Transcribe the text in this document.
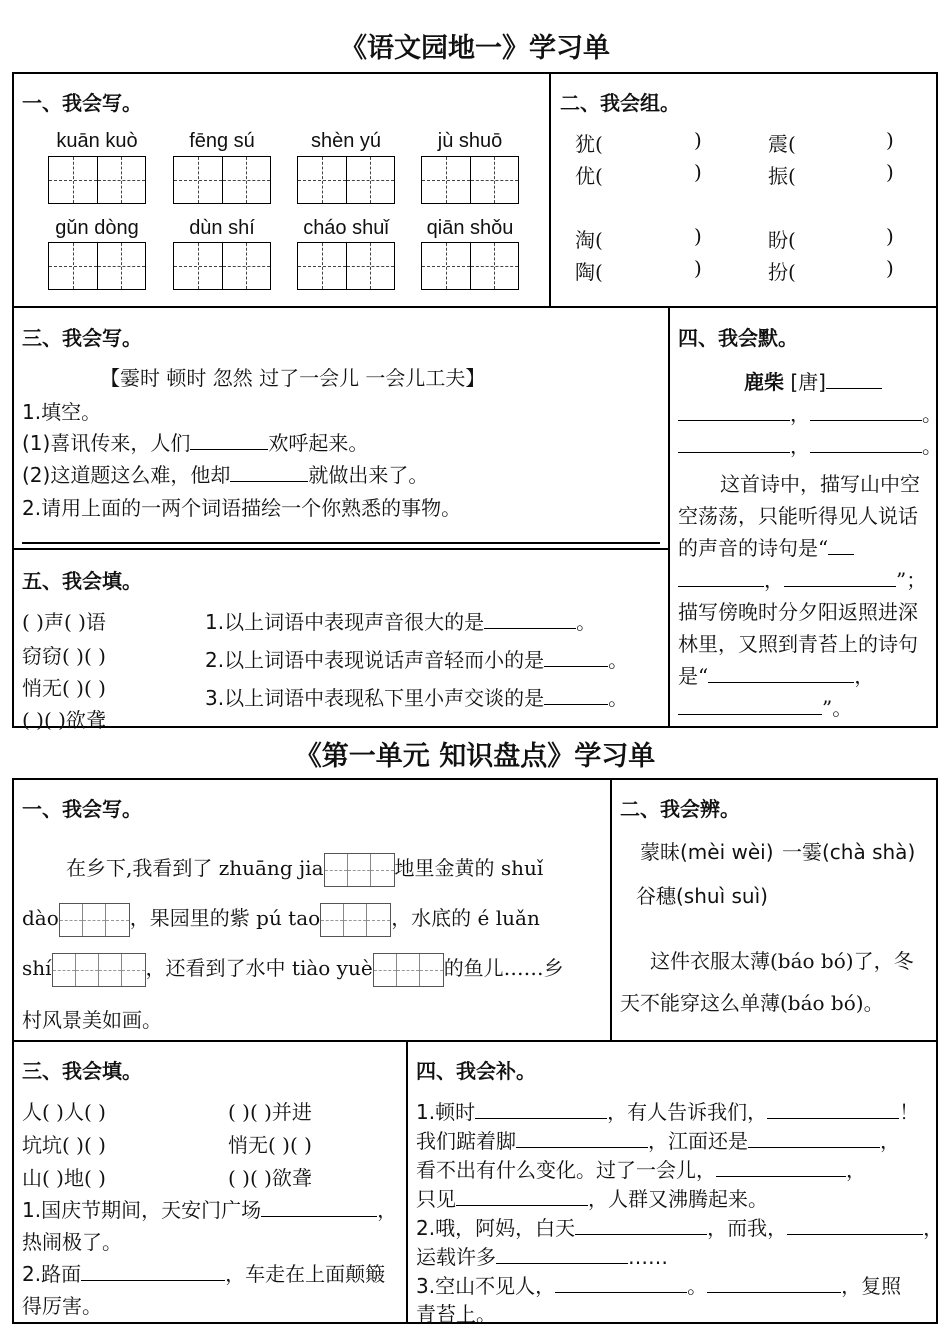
《语文园地一》学习单
一、我会写。
kuān kuò	fēng sú	shèn yú	jù shuō
gǔn dòng	dùn shí	cháo shuǐ	qiān shǒu
二、我会组。
犹(	)	震(	)
优(	)	振(	)
淘(	)	盼(	)
陶(	)	扮(	)
三、我会写。
【霎时 顿时 忽然 过了一会儿 一会儿工夫】
1.填空。
(1)喜讯传来，人们	欢呼起来。
(2)这道题这么难，他却	就做出来了。
2.请用上面的一两个词语描绘一个你熟悉的事物。
四、我会默。
鹿柴 [唐]
，	。
，	。
这首诗中，描写山中空空荡荡，只能听得见人说话的声音的诗句是“，	”；描写傍晚时分夕阳返照进深林里，又照到青苔上的诗句是“	，”。
五、我会填。
( )声( )语
窃窃( )( )
悄无( )( )
( )( )欲聋
1.以上词语中表现声音很大的是	。
2.以上词语中表现说话声音轻而小的是	。
3.以上词语中表现私下里小声交谈的是	。
《第一单元 知识盘点》学习单
一、我会写。
在乡下,我看到了 zhuāng jia	地里金黄的 shuǐ
dào	，果园里的紫 pú tao	，水底的 é luǎn
shí	，还看到了水中 tiào yuè	的鱼儿……乡
村风景美如画。
二、我会辨。
蒙昧(mèi wèi) 一霎(chà shà)
谷穗(shuì suì)
这件衣服太薄(báo bó)了，冬天不能穿这么单薄(báo bó)。
三、我会填。
人( )人( )	( )( )并进
坑坑( )( )	悄无( )( )
山( )地( )	( )( )欲聋
1.国庆节期间，天安门广场	，
热闹极了。
2.路面	，车走在上面颠簸
得厉害。
四、我会补。
1.顿时	，有人告诉我们，	！
我们踮着脚	，江面还是	，
看不出有什么变化。过了一会儿，	，
只见	，人群又沸腾起来。
2.哦，阿妈，白天	，而我，	，
运载许多	……
3.空山不见人，	。	，复照
青苔上。
